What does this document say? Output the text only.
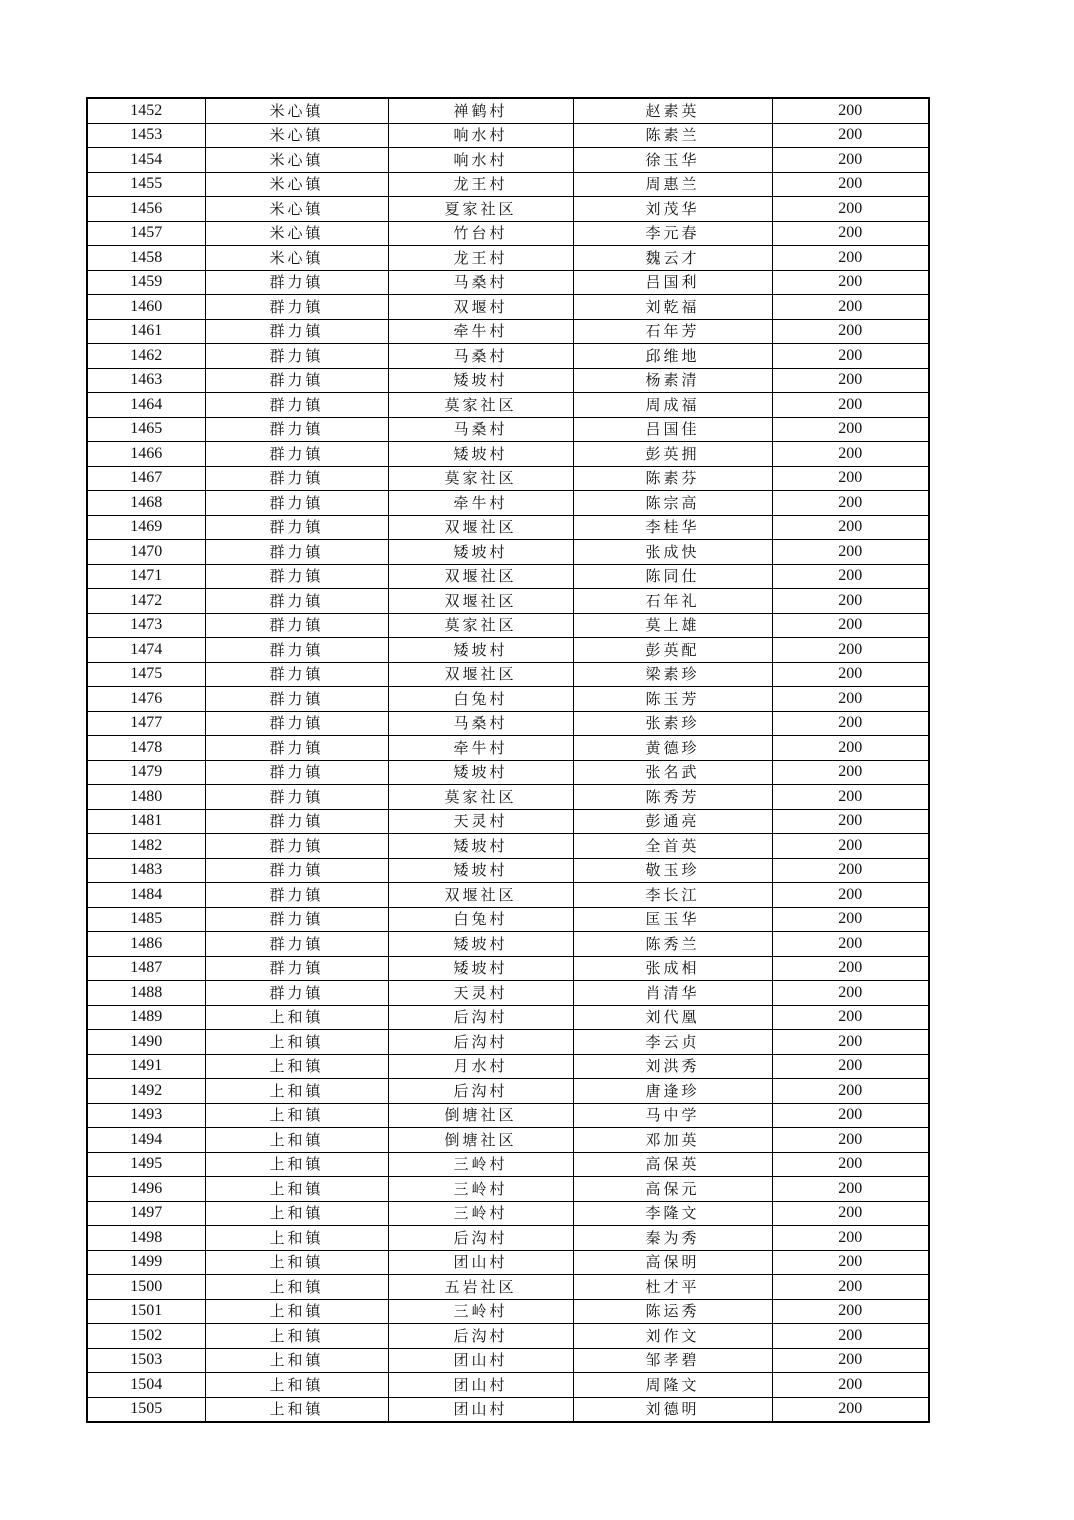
1452	米心镇	禅鹤村	赵素英	200
1453	米心镇	响水村	陈素兰	200
1454	米心镇	响水村	徐玉华	200
1455	米心镇	龙王村	周惠兰	200
1456	米心镇	夏家社区	刘茂华	200
1457	米心镇	竹台村	李元春	200
1458	米心镇	龙王村	魏云才	200
1459	群力镇	马桑村	吕国利	200
1460	群力镇	双堰村	刘乾福	200
1461	群力镇	牵牛村	石年芳	200
1462	群力镇	马桑村	邱维地	200
1463	群力镇	矮坡村	杨素清	200
1464	群力镇	莫家社区	周成福	200
1465	群力镇	马桑村	吕国佳	200
1466	群力镇	矮坡村	彭英拥	200
1467	群力镇	莫家社区	陈素芬	200
1468	群力镇	牵牛村	陈宗高	200
1469	群力镇	双堰社区	李桂华	200
1470	群力镇	矮坡村	张成快	200
1471	群力镇	双堰社区	陈同仕	200
1472	群力镇	双堰社区	石年礼	200
1473	群力镇	莫家社区	莫上雄	200
1474	群力镇	矮坡村	彭英配	200
1475	群力镇	双堰社区	梁素珍	200
1476	群力镇	白兔村	陈玉芳	200
1477	群力镇	马桑村	张素珍	200
1478	群力镇	牵牛村	黄德珍	200
1479	群力镇	矮坡村	张名武	200
1480	群力镇	莫家社区	陈秀芳	200
1481	群力镇	天灵村	彭通亮	200
1482	群力镇	矮坡村	全首英	200
1483	群力镇	矮坡村	敬玉珍	200
1484	群力镇	双堰社区	李长江	200
1485	群力镇	白兔村	匡玉华	200
1486	群力镇	矮坡村	陈秀兰	200
1487	群力镇	矮坡村	张成相	200
1488	群力镇	天灵村	肖清华	200
1489	上和镇	后沟村	刘代凰	200
1490	上和镇	后沟村	李云贞	200
1491	上和镇	月水村	刘洪秀	200
1492	上和镇	后沟村	唐逢珍	200
1493	上和镇	倒塘社区	马中学	200
1494	上和镇	倒塘社区	邓加英	200
1495	上和镇	三岭村	高保英	200
1496	上和镇	三岭村	高保元	200
1497	上和镇	三岭村	李隆文	200
1498	上和镇	后沟村	秦为秀	200
1499	上和镇	团山村	高保明	200
1500	上和镇	五岩社区	杜才平	200
1501	上和镇	三岭村	陈运秀	200
1502	上和镇	后沟村	刘作文	200
1503	上和镇	团山村	邹孝碧	200
1504	上和镇	团山村	周隆文	200
1505	上和镇	团山村	刘德明	200
